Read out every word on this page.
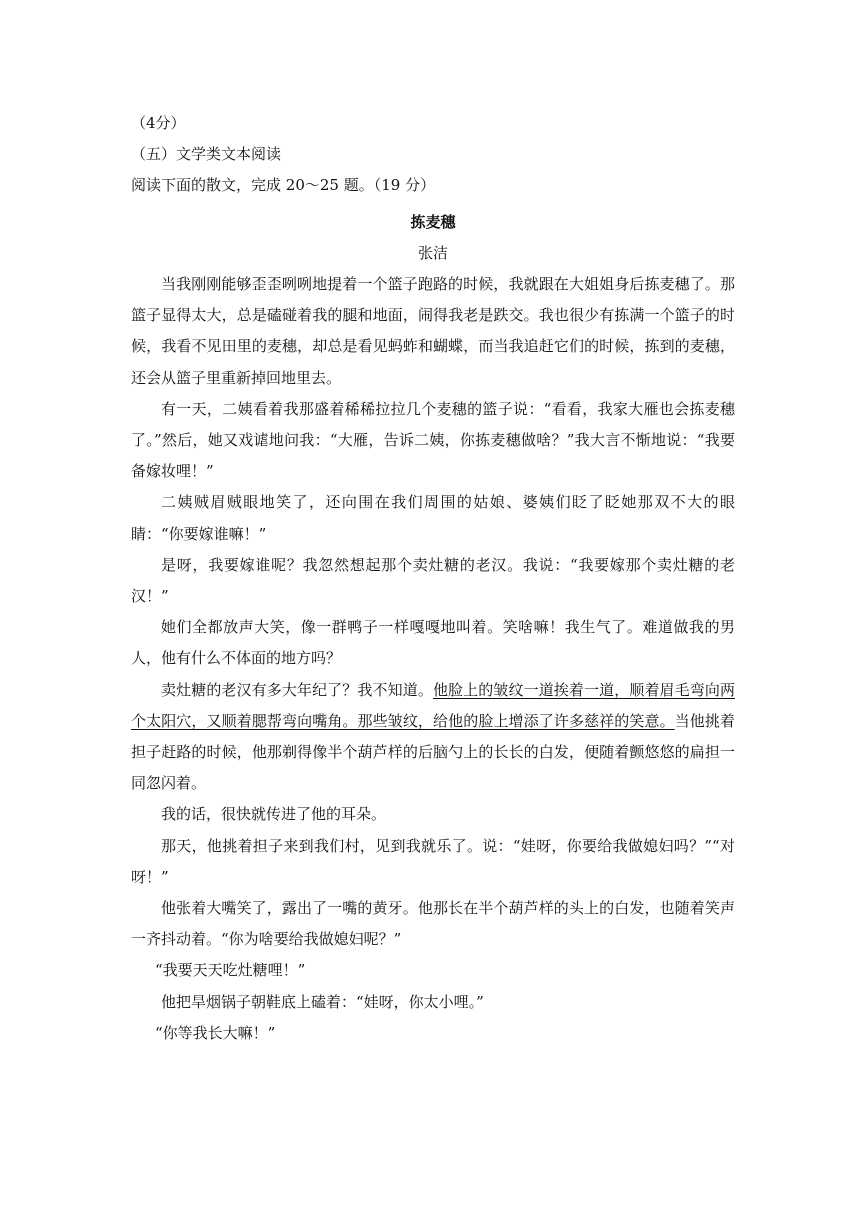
（4分）

（五）文学类文本阅读

阅读下面的散文，完成 20～25 题。（19 分）

拣麦穗

张洁

当我刚刚能够歪歪咧咧地提着一个篮子跑路的时候，我就跟在大姐姐身后拣麦穗了。那篮子显得太大，总是磕碰着我的腿和地面，闹得我老是跌交。我也很少有拣满一个篮子的时候，我看不见田里的麦穗，却总是看见蚂蚱和蝴蝶，而当我追赶它们的时候，拣到的麦穗，还会从篮子里重新掉回地里去。

有一天，二姨看着我那盛着稀稀拉拉几个麦穗的篮子说：“看看，我家大雁也会拣麦穗了。”然后，她又戏谑地问我：“大雁，告诉二姨，你拣麦穗做啥？”我大言不惭地说：“我要备嫁妆哩！”

二姨贼眉贼眼地笑了，还向围在我们周围的姑娘、婆姨们眨了眨她那双不大的眼睛：“你要嫁谁嘛！”

是呀，我要嫁谁呢？我忽然想起那个卖灶糖的老汉。我说：“我要嫁那个卖灶糖的老汉！”

她们全都放声大笑，像一群鸭子一样嘎嘎地叫着。笑啥嘛！我生气了。难道做我的男人，他有什么不体面的地方吗？

卖灶糖的老汉有多大年纪了？我不知道。他脸上的皱纹一道挨着一道，顺着眉毛弯向两个太阳穴，又顺着腮帮弯向嘴角。那些皱纹，给他的脸上增添了许多慈祥的笑意。当他挑着担子赶路的时候，他那剃得像半个葫芦样的后脑勺上的长长的白发，便随着颤悠悠的扁担一同忽闪着。

我的话，很快就传进了他的耳朵。

那天，他挑着担子来到我们村，见到我就乐了。说：“娃呀，你要给我做媳妇吗？”“对呀！”

他张着大嘴笑了，露出了一嘴的黄牙。他那长在半个葫芦样的头上的白发，也随着笑声一齐抖动着。“你为啥要给我做媳妇呢？”

“我要天天吃灶糖哩！”

他把旱烟锅子朝鞋底上磕着：“娃呀，你太小哩。”

“你等我长大嘛！”
